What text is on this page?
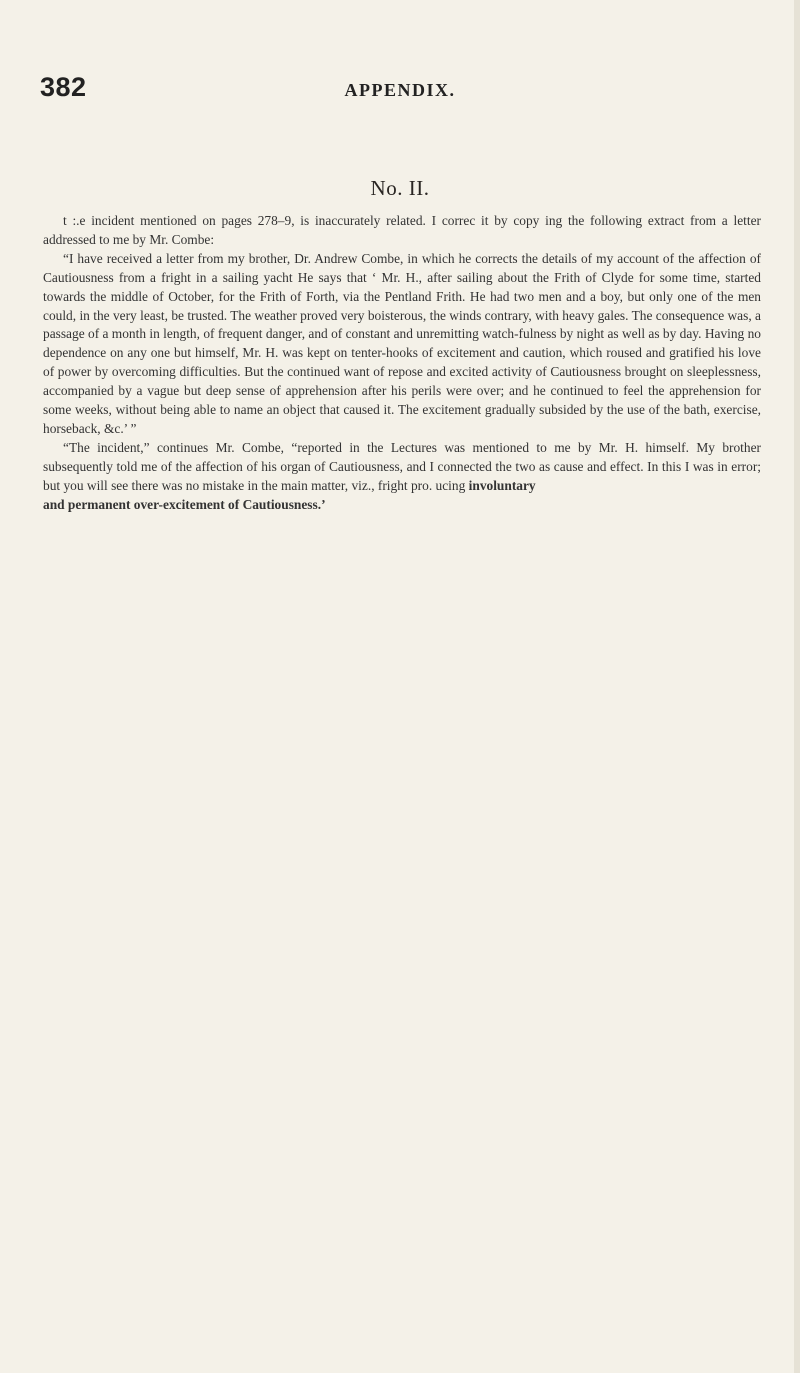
382	APPENDIX.
No. II.

t :.e incident mentioned on pages 278–9, is inaccurately related. I correc it by copy ing the following extract from a letter addressed to me by Mr. Combe:

“I have received a letter from my brother, Dr. Andrew Combe, in which he corrects the details of my account of the affection of Cautiousness from a fright in a sailing yacht He says that ‘ Mr. H., after sailing about the Frith of Clyde for some time, started towards the middle of October, for the Frith of Forth, via the Pentland Frith. He had two men and a boy, but only one of the men could, in the very least, be trusted. The weather proved very boisterous, the winds contrary, with heavy gales. The consequence was, a passage of a month in length, of frequent danger, and of constant and unremitting watch-fulness by night as well as by day. Having no dependence on any one but himself, Mr. H. was kept on tenter-hooks of excitement and caution, which roused and gratified his love of power by overcoming difficulties. But the continued want of repose and excited activity of Cautiousness brought on sleeplessness, accompanied by a vague but deep sense of apprehension after his perils were over; and he continued to feel the apprehension for some weeks, without being able to name an object that caused it. The excitement gradually subsided by the use of the bath, exercise, horseback, &c.’ ”

“The incident,” continues Mr. Combe, “reported in the Lectures was mentioned to me by Mr. H. himself. My brother subsequently told me of the affection of his organ of Cautiousness, and I connected the two as cause and effect. In this I was in error; but you will see there was no mistake in the main matter, viz., fright pro. ucing involuntary

and permanent over-excitement of Cautiousness.’
